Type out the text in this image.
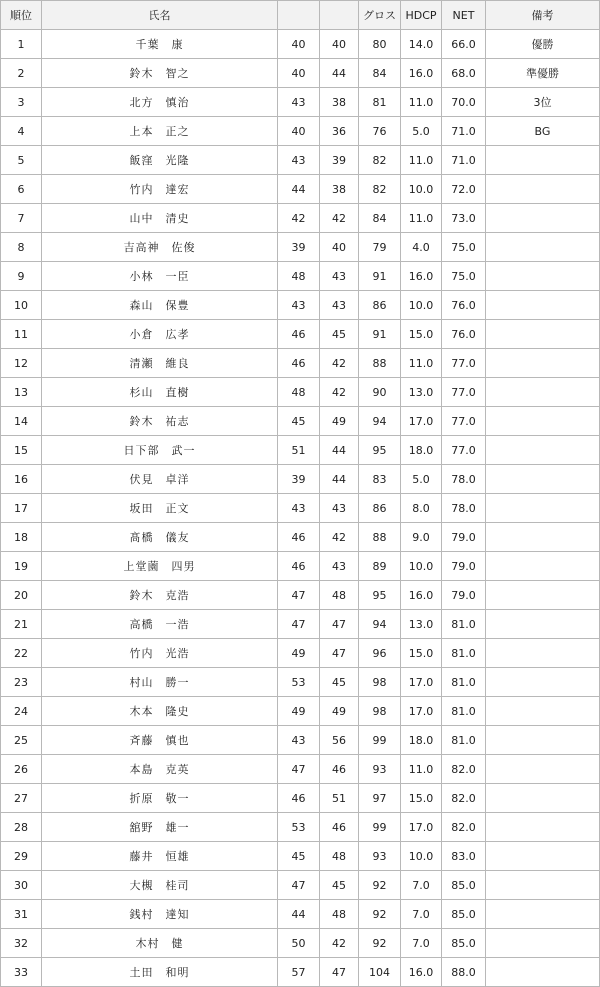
順位	氏名			グロス	HDCP	NET	備考
1	千葉　康	40	40	80	14.0	66.0	優勝
2	鈴木　智之	40	44	84	16.0	68.0	準優勝
3	北方　慎治	43	38	81	11.0	70.0	3位
4	上本　正之	40	36	76	5.0	71.0	BG
5	飯窪　光隆	43	39	82	11.0	71.0	
6	竹内　達宏	44	38	82	10.0	72.0	
7	山中　清史	42	42	84	11.0	73.0	
8	吉高神　佐俊	39	40	79	4.0	75.0	
9	小林　一臣	48	43	91	16.0	75.0	
10	森山　保豊	43	43	86	10.0	76.0	
11	小倉　広孝	46	45	91	15.0	76.0	
12	清瀬　維良	46	42	88	11.0	77.0	
13	杉山　直樹	48	42	90	13.0	77.0	
14	鈴木　祐志	45	49	94	17.0	77.0	
15	日下部　武一	51	44	95	18.0	77.0	
16	伏見　卓洋	39	44	83	5.0	78.0	
17	坂田　正文	43	43	86	8.0	78.0	
18	髙橋　儀友	46	42	88	9.0	79.0	
19	上堂薗　四男	46	43	89	10.0	79.0	
20	鈴木　克浩	47	48	95	16.0	79.0	
21	高橋　一浩	47	47	94	13.0	81.0	
22	竹内　光浩	49	47	96	15.0	81.0	
23	村山　勝一	53	45	98	17.0	81.0	
24	木本　隆史	49	49	98	17.0	81.0	
25	斉藤　慎也	43	56	99	18.0	81.0	
26	本島　克英	47	46	93	11.0	82.0	
27	折原　敬一	46	51	97	15.0	82.0	
28	舘野　雄一	53	46	99	17.0	82.0	
29	藤井　恒雄	45	48	93	10.0	83.0	
30	大槻　桂司	47	45	92	7.0	85.0	
31	銭村　達知	44	48	92	7.0	85.0	
32	木村　健	50	42	92	7.0	85.0	
33	土田　和明	57	47	104	16.0	88.0	
